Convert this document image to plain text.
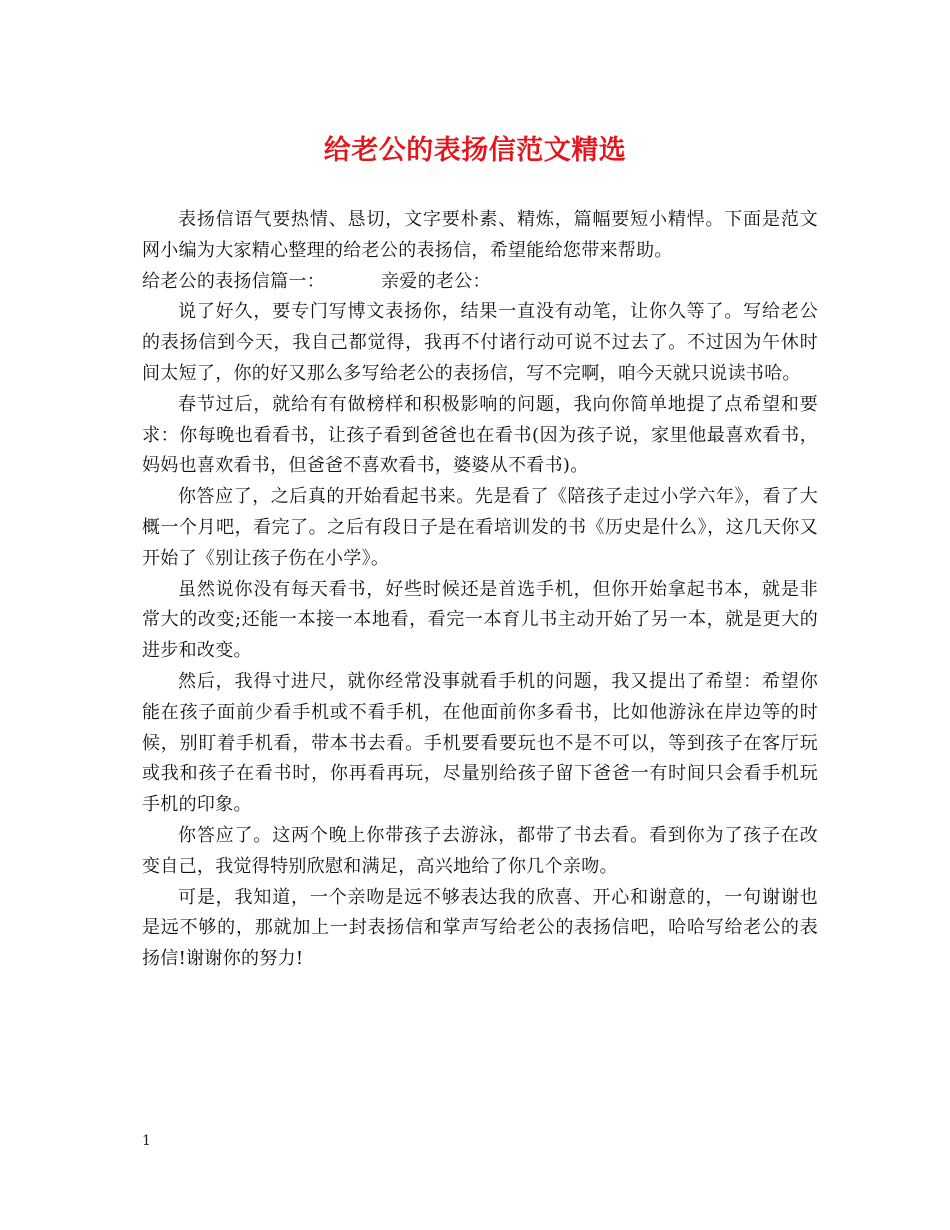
给老公的表扬信范文精选

表扬信语气要热情、恳切，文字要朴素、精炼，篇幅要短小精悍。下面是范文网小编为大家精心整理的给老公的表扬信，希望能给您带来帮助。

给老公的表扬信篇一：	亲爱的老公：

说了好久，要专门写博文表扬你，结果一直没有动笔，让你久等了。写给老公的表扬信到今天，我自己都觉得，我再不付诸行动可说不过去了。不过因为午休时间太短了，你的好又那么多写给老公的表扬信，写不完啊，咱今天就只说读书哈。

春节过后，就给有有做榜样和积极影响的问题，我向你简单地提了点希望和要求：你每晚也看看书，让孩子看到爸爸也在看书(因为孩子说，家里他最喜欢看书，妈妈也喜欢看书，但爸爸不喜欢看书，婆婆从不看书)。

你答应了，之后真的开始看起书来。先是看了《陪孩子走过小学六年》，看了大概一个月吧，看完了。之后有段日子是在看培训发的书《历史是什么》，这几天你又开始了《别让孩子伤在小学》。

虽然说你没有每天看书，好些时候还是首选手机，但你开始拿起书本，就是非常大的改变;还能一本接一本地看，看完一本育儿书主动开始了另一本，就是更大的进步和改变。

然后，我得寸进尺，就你经常没事就看手机的问题，我又提出了希望：希望你能在孩子面前少看手机或不看手机，在他面前你多看书，比如他游泳在岸边等的时候，别盯着手机看，带本书去看。手机要看要玩也不是不可以，等到孩子在客厅玩或我和孩子在看书时，你再看再玩，尽量别给孩子留下爸爸一有时间只会看手机玩手机的印象。

你答应了。这两个晚上你带孩子去游泳，都带了书去看。看到你为了孩子在改变自己，我觉得特别欣慰和满足，高兴地给了你几个亲吻。

可是，我知道，一个亲吻是远不够表达我的欣喜、开心和谢意的，一句谢谢也是远不够的，那就加上一封表扬信和掌声写给老公的表扬信吧，哈哈写给老公的表扬信!谢谢你的努力!

1
